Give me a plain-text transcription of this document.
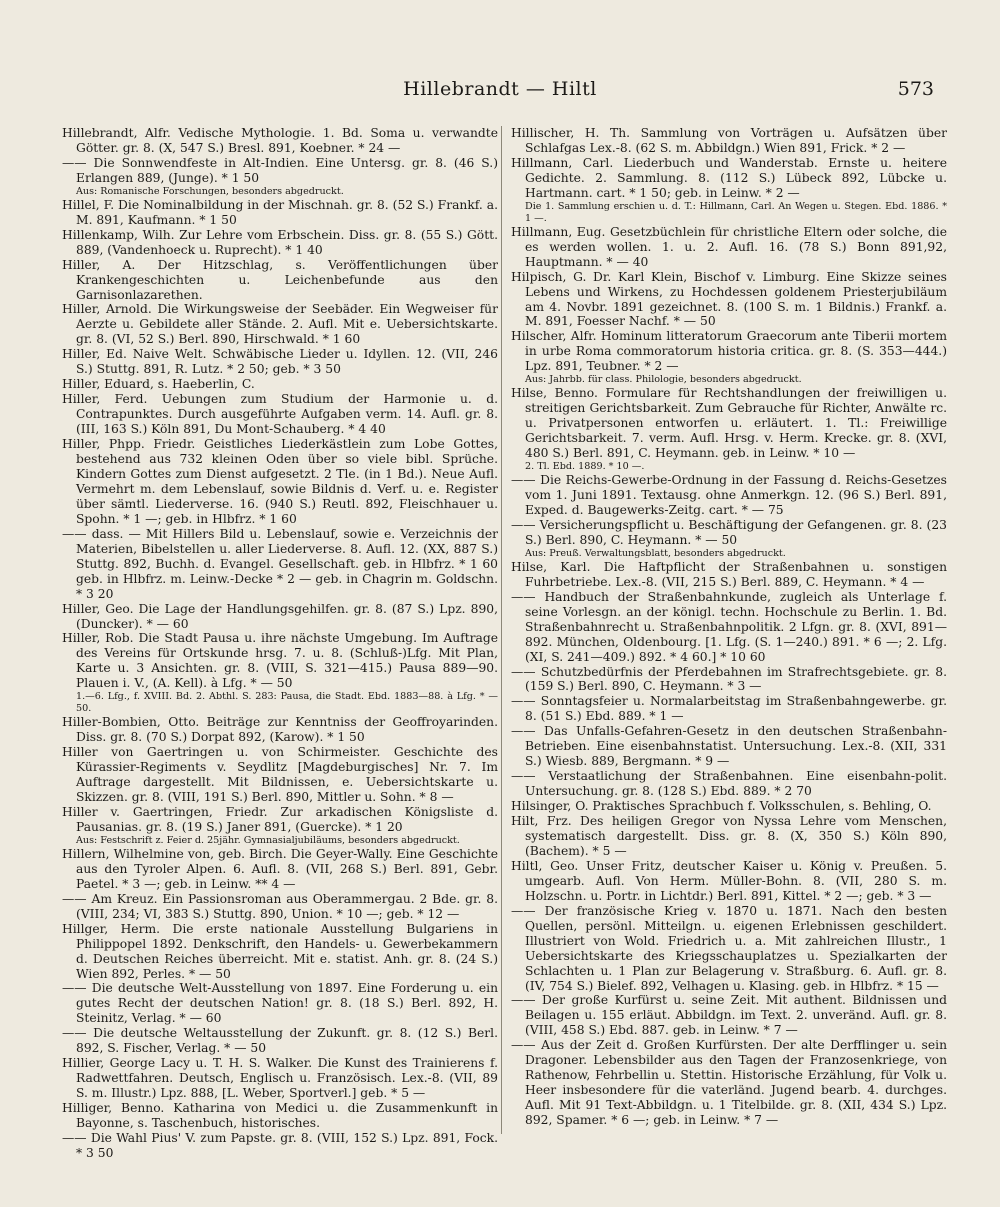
Hillebrandt — Hiltl	573

Hillebrandt, Alfr. Vedische Mythologie. 1. Bd. Soma u. verwandte Götter. gr. 8. (X, 547 S.) Bresl. 891, Koebner. * 24 —

—— Die Sonnwendfeste in Alt-Indien. Eine Untersg. gr. 8. (46 S.) Erlangen 889, (Junge). * 1 50

Aus: Romanische Forschungen, besonders abgedruckt.

Hillel, F. Die Nominalbildung in der Mischnah. gr. 8. (52 S.) Frankf. a. M. 891, Kaufmann. * 1 50

Hillenkamp, Wilh. Zur Lehre vom Erbschein. Diss. gr. 8. (55 S.) Gött. 889, (Vandenhoeck u. Ruprecht). * 1 40

Hiller, A. Der Hitzschlag, s. Veröffentlichungen über Krankengeschichten u. Leichenbefunde aus den Garnisonlazarethen.

Hiller, Arnold. Die Wirkungsweise der Seebäder. Ein Wegweiser für Aerzte u. Gebildete aller Stände. 2. Aufl. Mit e. Uebersichtskarte. gr. 8. (VI, 52 S.) Berl. 890, Hirschwald. * 1 60

Hiller, Ed. Naive Welt. Schwäbische Lieder u. Idyllen. 12. (VII, 246 S.) Stuttg. 891, R. Lutz. * 2 50; geb. * 3 50

Hiller, Eduard, s. Haeberlin, C.

Hiller, Ferd. Uebungen zum Studium der Harmonie u. d. Contrapunktes. Durch ausgeführte Aufgaben verm. 14. Aufl. gr. 8. (III, 163 S.) Köln 891, Du Mont-Schauberg. * 4 40

Hiller, Phpp. Friedr. Geistliches Liederkästlein zum Lobe Gottes, bestehend aus 732 kleinen Oden über so viele bibl. Sprüche. Kindern Gottes zum Dienst aufgesetzt. 2 Tle. (in 1 Bd.). Neue Aufl. Vermehrt m. dem Lebenslauf, sowie Bildnis d. Verf. u. e. Register über sämtl. Liederverse. 16. (940 S.) Reutl. 892, Fleischhauer u. Spohn. * 1 —; geb. in Hlbfrz. * 1 60

—— dass. — Mit Hillers Bild u. Lebenslauf, sowie e. Verzeichnis der Materien, Bibelstellen u. aller Liederverse. 8. Aufl. 12. (XX, 887 S.) Stuttg. 892, Buchh. d. Evangel. Gesellschaft. geb. in Hlbfrz. * 1 60 geb. in Hlbfrz. m. Leinw.-Decke * 2 — geb. in Chagrin m. Goldschn. * 3 20

Hiller, Geo. Die Lage der Handlungsgehilfen. gr. 8. (87 S.) Lpz. 890, (Duncker). * — 60

Hiller, Rob. Die Stadt Pausa u. ihre nächste Umgebung. Im Auftrage des Vereins für Ortskunde hrsg. 7. u. 8. (Schluß-)Lfg. Mit Plan, Karte u. 3 Ansichten. gr. 8. (VIII, S. 321—415.) Pausa 889—90. Plauen i. V., (A. Kell). à Lfg. * — 50

1.—6. Lfg., f. XVIII. Bd. 2. Abthl. S. 283: Pausa, die Stadt. Ebd. 1883—88. à Lfg. * — 50.

Hiller-Bombien, Otto. Beiträge zur Kenntniss der Geoffroyarinden. Diss. gr. 8. (70 S.) Dorpat 892, (Karow). * 1 50

Hiller von Gaertringen u. von Schirmeister. Geschichte des Kürassier-Regiments v. Seydlitz [Magdeburgisches] Nr. 7. Im Auftrage dargestellt. Mit Bildnissen, e. Uebersichtskarte u. Skizzen. gr. 8. (VIII, 191 S.) Berl. 890, Mittler u. Sohn. * 8 —

Hiller v. Gaertringen, Friedr. Zur arkadischen Königsliste d. Pausanias. gr. 8. (19 S.) Janer 891, (Guercke). * 1 20

Aus: Festschrift z. Feier d. 25jähr. Gymnasialjubiläums, besonders abgedruckt.

Hillern, Wilhelmine von, geb. Birch. Die Geyer-Wally. Eine Geschichte aus den Tyroler Alpen. 6. Aufl. 8. (VII, 268 S.) Berl. 891, Gebr. Paetel. * 3 —; geb. in Leinw. ** 4 —

—— Am Kreuz. Ein Passionsroman aus Oberammergau. 2 Bde. gr. 8. (VIII, 234; VI, 383 S.) Stuttg. 890, Union. * 10 —; geb. * 12 —

Hillger, Herm. Die erste nationale Ausstellung Bulgariens in Philippopel 1892. Denkschrift, den Handels- u. Gewerbekammern d. Deutschen Reiches überreicht. Mit e. statist. Anh. gr. 8. (24 S.) Wien 892, Perles. * — 50

—— Die deutsche Welt-Ausstellung von 1897. Eine Forderung u. ein gutes Recht der deutschen Nation! gr. 8. (18 S.) Berl. 892, H. Steinitz, Verlag. * — 60

—— Die deutsche Weltausstellung der Zukunft. gr. 8. (12 S.) Berl. 892, S. Fischer, Verlag. * — 50

Hillier, George Lacy u. T. H. S. Walker. Die Kunst des Trainierens f. Radwettfahren. Deutsch, Englisch u. Französisch. Lex.-8. (VII, 89 S. m. Illustr.) Lpz. 888, [L. Weber, Sportverl.] geb. * 5 —

Hilliger, Benno. Katharina von Medici u. die Zusammenkunft in Bayonne, s. Taschenbuch, historisches.

—— Die Wahl Pius' V. zum Papste. gr. 8. (VIII, 152 S.) Lpz. 891, Fock. * 3 50

Hillischer, H. Th. Sammlung von Vorträgen u. Aufsätzen über Schlafgas Lex.-8. (62 S. m. Abbildgn.) Wien 891, Frick. * 2 —

Hillmann, Carl. Liederbuch und Wanderstab. Ernste u. heitere Gedichte. 2. Sammlung. 8. (112 S.) Lübeck 892, Lübcke u. Hartmann. cart. * 1 50; geb. in Leinw. * 2 —

Die 1. Sammlung erschien u. d. T.: Hillmann, Carl. An Wegen u. Stegen. Ebd. 1886. * 1 —.

Hillmann, Eug. Gesetzbüchlein für christliche Eltern oder solche, die es werden wollen. 1. u. 2. Aufl. 16. (78 S.) Bonn 891,92, Hauptmann. * — 40

Hilpisch, G. Dr. Karl Klein, Bischof v. Limburg. Eine Skizze seines Lebens und Wirkens, zu Hochdessen goldenem Priesterjubiläum am 4. Novbr. 1891 gezeichnet. 8. (100 S. m. 1 Bildnis.) Frankf. a. M. 891, Foesser Nachf. * — 50

Hilscher, Alfr. Hominum litteratorum Graecorum ante Tiberii mortem in urbe Roma commoratorum historia critica. gr. 8. (S. 353—444.) Lpz. 891, Teubner. * 2 —

Aus: Jahrbb. für class. Philologie, besonders abgedruckt.

Hilse, Benno. Formulare für Rechtshandlungen der freiwilligen u. streitigen Gerichtsbarkeit. Zum Gebrauche für Richter, Anwälte rc. u. Privatpersonen entworfen u. erläutert. 1. Tl.: Freiwillige Gerichtsbarkeit. 7. verm. Aufl. Hrsg. v. Herm. Krecke. gr. 8. (XVI, 480 S.) Berl. 891, C. Heymann. geb. in Leinw. * 10 —

2. Tl. Ebd. 1889. * 10 —.

—— Die Reichs-Gewerbe-Ordnung in der Fassung d. Reichs-Gesetzes vom 1. Juni 1891. Textausg. ohne Anmerkgn. 12. (96 S.) Berl. 891, Exped. d. Baugewerks-Zeitg. cart. * — 75

—— Versicherungspflicht u. Beschäftigung der Gefangenen. gr. 8. (23 S.) Berl. 890, C. Heymann. * — 50

Aus: Preuß. Verwaltungsblatt, besonders abgedruckt.

Hilse, Karl. Die Haftpflicht der Straßenbahnen u. sonstigen Fuhrbetriebe. Lex.-8. (VII, 215 S.) Berl. 889, C. Heymann. * 4 —

—— Handbuch der Straßenbahnkunde, zugleich als Unterlage f. seine Vorlesgn. an der königl. techn. Hochschule zu Berlin. 1. Bd. Straßenbahnrecht u. Straßenbahnpolitik. 2 Lfgn. gr. 8. (XVI, 891—892. München, Oldenbourg. [1. Lfg. (S. 1—240.) 891. * 6 —; 2. Lfg. (XI, S. 241—409.) 892. * 4 60.] * 10 60

—— Schutzbedürfnis der Pferdebahnen im Strafrechtsgebiete. gr. 8. (159 S.) Berl. 890, C. Heymann. * 3 —

—— Sonntagsfeier u. Normalarbeitstag im Straßenbahngewerbe. gr. 8. (51 S.) Ebd. 889. * 1 —

—— Das Unfalls-Gefahren-Gesetz in den deutschen Straßenbahn-Betrieben. Eine eisenbahnstatist. Untersuchung. Lex.-8. (XII, 331 S.) Wiesb. 889, Bergmann. * 9 —

—— Verstaatlichung der Straßenbahnen. Eine eisenbahn-polit. Untersuchung. gr. 8. (128 S.) Ebd. 889. * 2 70

Hilsinger, O. Praktisches Sprachbuch f. Volksschulen, s. Behling, O.

Hilt, Frz. Des heiligen Gregor von Nyssa Lehre vom Menschen, systematisch dargestellt. Diss. gr. 8. (X, 350 S.) Köln 890, (Bachem). * 5 —

Hiltl, Geo. Unser Fritz, deutscher Kaiser u. König v. Preußen. 5. umgearb. Aufl. Von Herm. Müller-Bohn. 8. (VII, 280 S. m. Holzschn. u. Portr. in Lichtdr.) Berl. 891, Kittel. * 2 —; geb. * 3 —

—— Der französische Krieg v. 1870 u. 1871. Nach den besten Quellen, persönl. Mitteilgn. u. eigenen Erlebnissen geschildert. Illustriert von Wold. Friedrich u. a. Mit zahlreichen Illustr., 1 Uebersichtskarte des Kriegsschauplatzes u. Spezialkarten der Schlachten u. 1 Plan zur Belagerung v. Straßburg. 6. Aufl. gr. 8. (IV, 754 S.) Bielef. 892, Velhagen u. Klasing. geb. in Hlbfrz. * 15 —

—— Der große Kurfürst u. seine Zeit. Mit authent. Bildnissen und Beilagen u. 155 erläut. Abbildgn. im Text. 2. unveränd. Aufl. gr. 8. (VIII, 458 S.) Ebd. 887. geb. in Leinw. * 7 —

—— Aus der Zeit d. Großen Kurfürsten. Der alte Derfflinger u. sein Dragoner. Lebensbilder aus den Tagen der Franzosenkriege, von Rathenow, Fehrbellin u. Stettin. Historische Erzählung, für Volk u. Heer insbesondere für die vaterländ. Jugend bearb. 4. durchges. Aufl. Mit 91 Text-Abbildgn. u. 1 Titelbilde. gr. 8. (XII, 434 S.) Lpz. 892, Spamer. * 6 —; geb. in Leinw. * 7 —
